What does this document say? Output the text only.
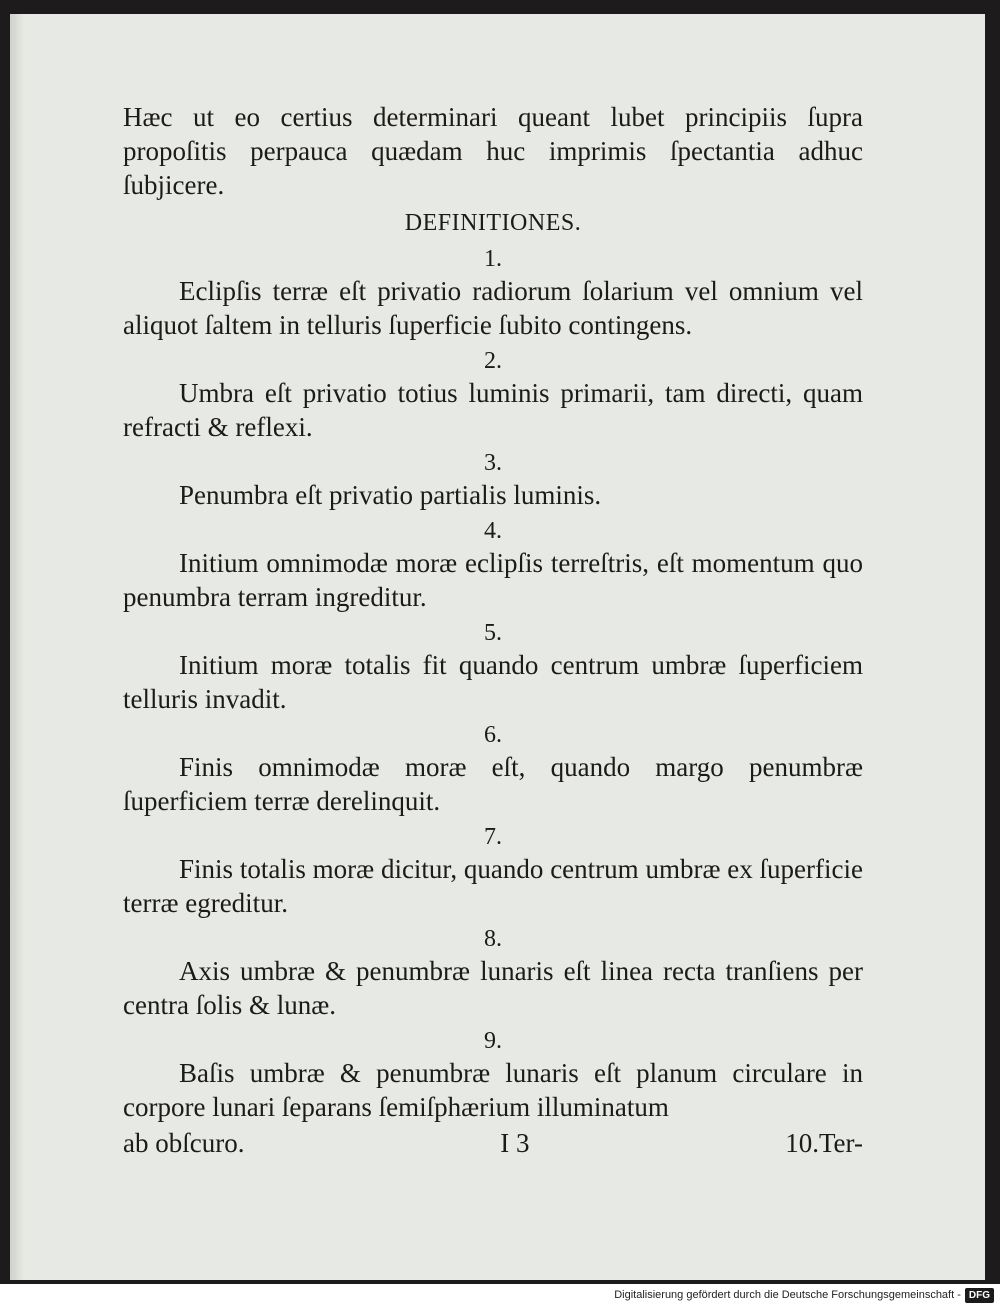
Hæc ut eo certius determinari queant lubet principiis ſupra propoſitis perpauca quædam huc imprimis ſpectantia adhuc ſubjicere.

DEFINITIONES.

1.

Eclipſis terræ eſt privatio radiorum ſolarium vel omnium vel aliquot ſaltem in telluris ſuperficie ſubito contingens.

2.

Umbra eſt privatio totius luminis primarii, tam directi, quam refracti & reflexi.

3.

Penumbra eſt privatio partialis luminis.

4.

Initium omnimodæ moræ eclipſis terreſtris, eſt momentum quo penumbra terram ingreditur.

5.

Initium moræ totalis fit quando centrum umbræ ſuperficiem telluris invadit.

6.

Finis omnimodæ moræ eſt, quando margo penumbræ ſuperficiem terræ derelinquit.

7.

Finis totalis moræ dicitur, quando centrum umbræ ex ſuperficie terræ egreditur.

8.

Axis umbræ & penumbræ lunaris eſt linea recta tranſiens per centra ſolis & lunæ.

9.

Baſis umbræ & penumbræ lunaris eſt planum circulare in corpore lunari ſeparans ſemiſphærium illuminatum

ab obſcuro.	I 3	10.Ter-
Digitalisierung gefördert durch die Deutsche Forschungsgemeinschaft - DFG
